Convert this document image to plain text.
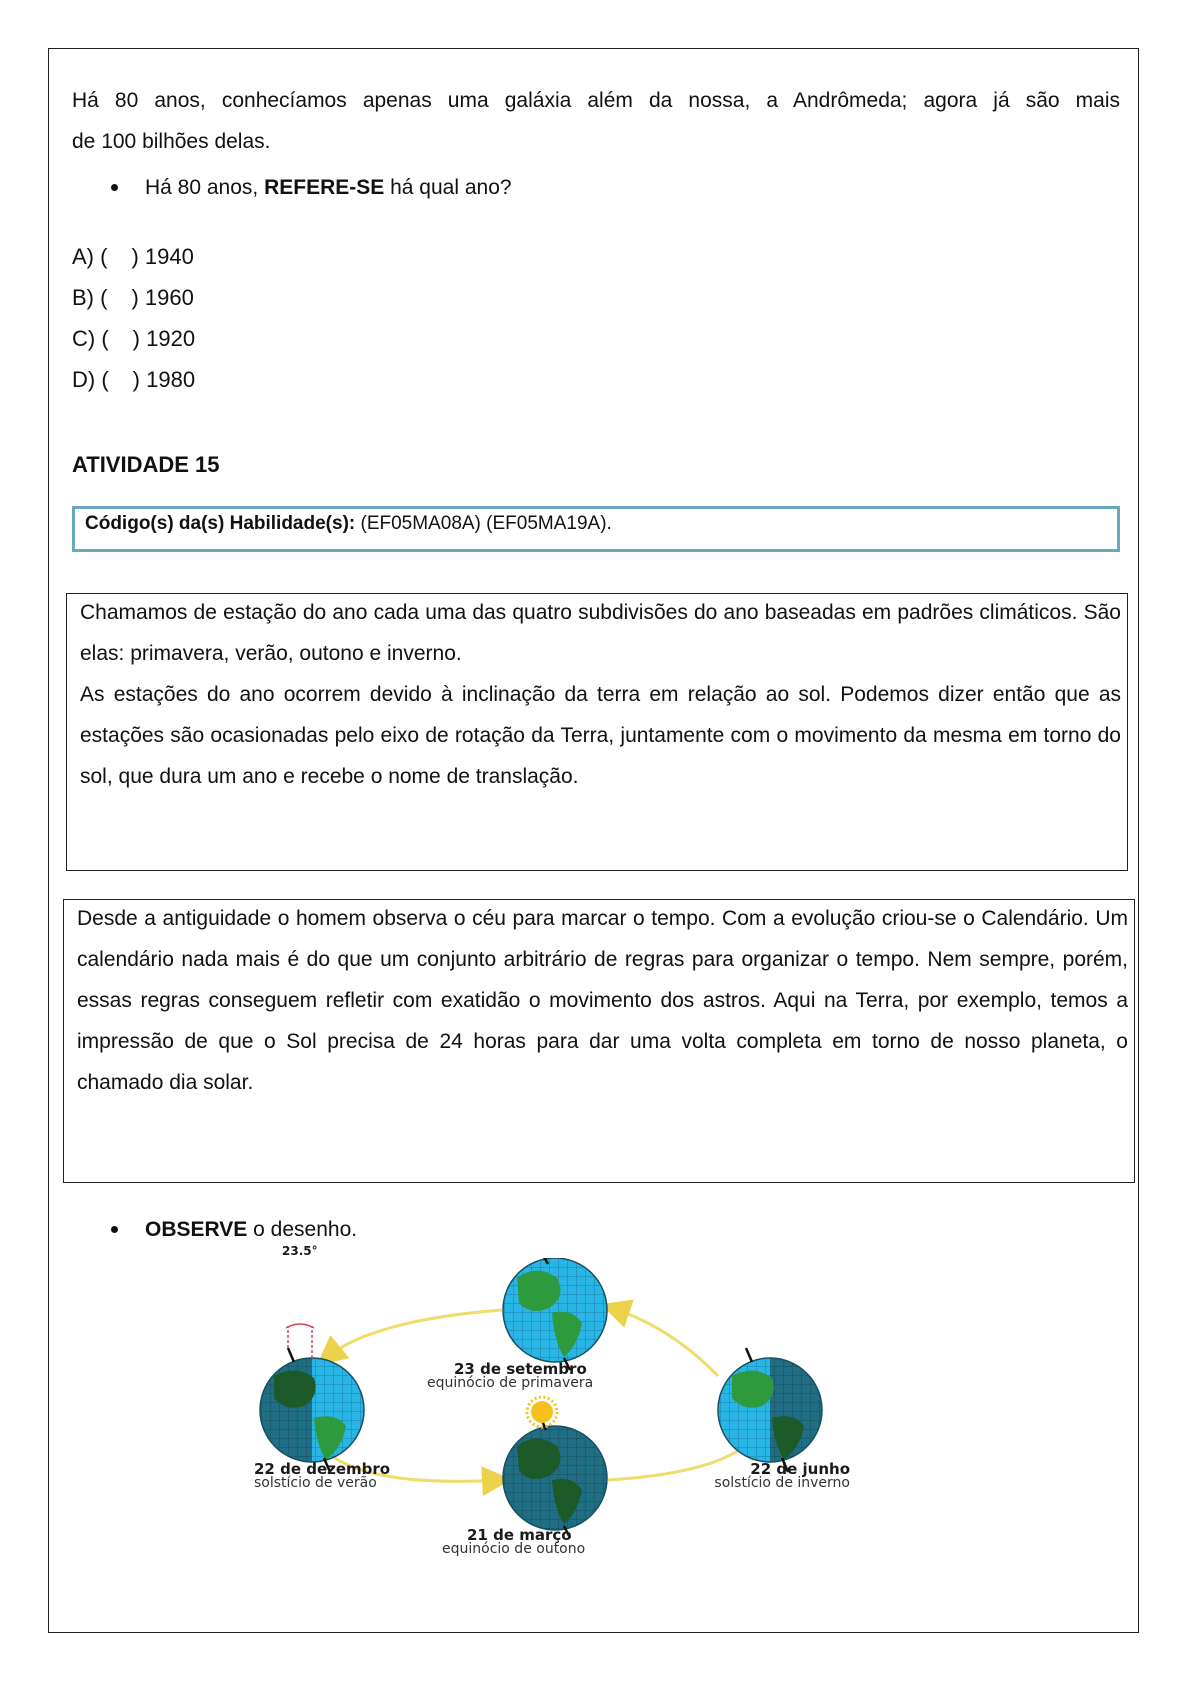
Há 80 anos, conhecíamos apenas uma galáxia além da nossa, a Andrômeda; agora já são mais
de 100 bilhões delas.
Há 80 anos, REFERE-SE há qual ano?
A) ( ) 1940
B) ( ) 1960
C) ( ) 1920
D) ( ) 1980
ATIVIDADE 15
Código(s) da(s) Habilidade(s): (EF05MA08A) (EF05MA19A).

Chamamos de estação do ano cada uma das quatro subdivisões do ano baseadas em padrões climáticos. São elas: primavera, verão, outono e inverno.

As estações do ano ocorrem devido à inclinação da terra em relação ao sol. Podemos dizer então que as estações são ocasionadas pelo eixo de rotação da Terra, juntamente com o movimento da mesma em torno do sol, que dura um ano e recebe o nome de translação.

Desde a antiguidade o homem observa o céu para marcar o tempo. Com a evolução criou-se o Calendário. Um calendário nada mais é do que um conjunto arbitrário de regras para organizar o tempo. Nem sempre, porém, essas regras conseguem refletir com exatidão o movimento dos astros. Aqui na Terra, por exemplo, temos a impressão de que o Sol precisa de 24 horas para dar uma volta completa em torno de nosso planeta, o chamado dia solar.

OBSERVE o desenho.
23.5°
23 de setembro
equinócio de primavera
22 de dezembro
solstício de verão
22 de junho
solstício de inverno
21 de março
equinócio de outono
